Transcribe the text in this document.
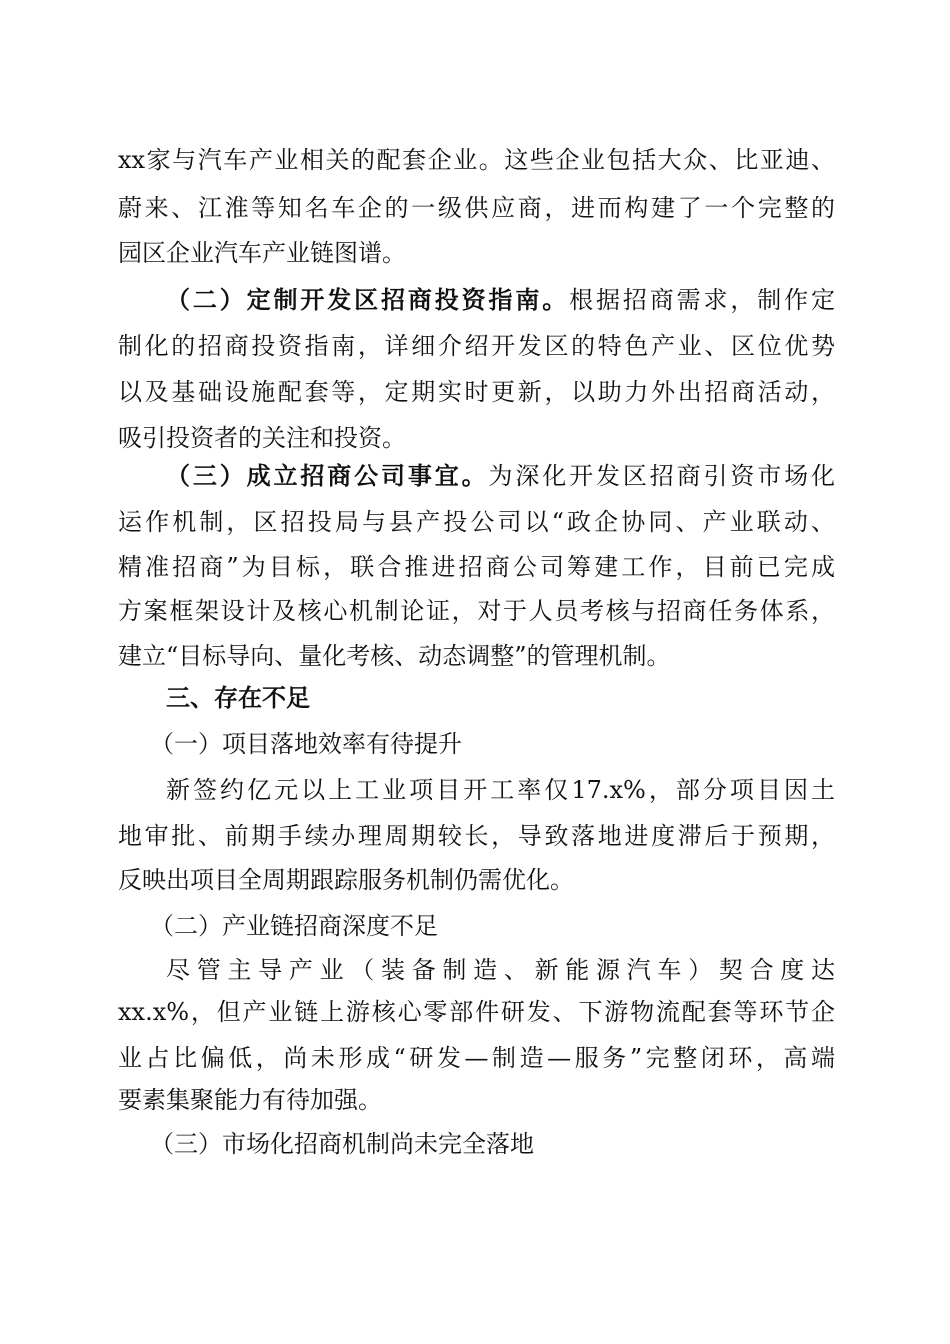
xx家与汽车产业相关的配套企业。这些企业包括大众、比亚迪、
蔚来、江淮等知名车企的一级供应商，进而构建了一个完整的
园区企业汽车产业链图谱。
（二）定制开发区招商投资指南。根据招商需求，制作定
制化的招商投资指南，详细介绍开发区的特色产业、区位优势
以及基础设施配套等，定期实时更新，以助力外出招商活动，
吸引投资者的关注和投资。
（三）成立招商公司事宜。为深化开发区招商引资市场化
运作机制，区招投局与县产投公司以“政企协同、产业联动、
精准招商”为目标，联合推进招商公司筹建工作，目前已完成
方案框架设计及核心机制论证，对于人员考核与招商任务体系，
建立“目标导向、量化考核、动态调整”的管理机制。
三、存在不足
（一）项目落地效率有待提升
新签约亿元以上工业项目开工率仅17.x%，部分项目因土
地审批、前期手续办理周期较长，导致落地进度滞后于预期，
反映出项目全周期跟踪服务机制仍需优化。
（二）产业链招商深度不足
尽管主导产业（装备制造、新能源汽车）契合度达
xx.x%，但产业链上游核心零部件研发、下游物流配套等环节企
业占比偏低，尚未形成“研发—制造—服务”完整闭环，高端
要素集聚能力有待加强。
（三）市场化招商机制尚未完全落地
